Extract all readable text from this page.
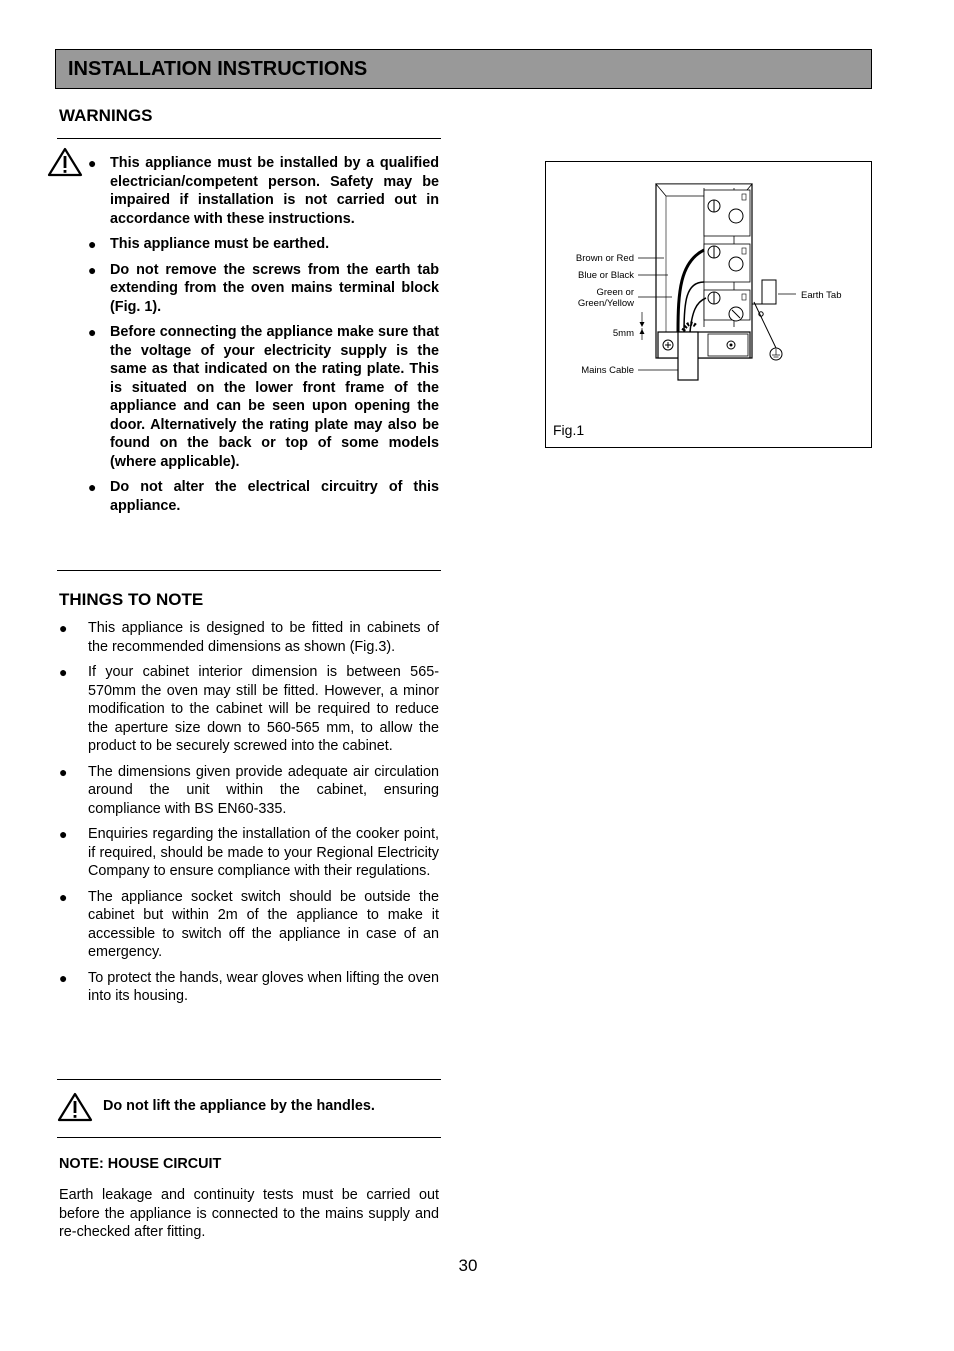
INSTALLATION INSTRUCTIONS
WARNINGS
● This appliance must be installed by a qualified electrician/competent person. Safety may be impaired if installation is not carried out in accordance with these instructions.
● This appliance must be earthed.
● Do not remove the screws from the earth tab extending from the oven mains terminal block (Fig. 1).
● Before connecting the appliance make sure that the voltage of your electricity supply is the same as that indicated on the rating plate. This is situated on the lower front frame of the appliance and can be seen upon opening the door. Alternatively the rating plate may also be found on the back or top of some models (where applicable).
● Do not alter the electrical circuitry of this appliance.
THINGS TO NOTE
● This appliance is designed to be fitted in cabinets of the recommended dimensions as shown (Fig.3).
● If your cabinet interior dimension is between 565-570mm the oven may still be fitted. However, a minor modification to the cabinet will be required to reduce the aperture size down to 560-565 mm, to allow the product to be securely screwed into the cabinet.
● The dimensions given provide adequate air circulation around the unit within the cabinet, ensuring compliance with BS EN60-335.
● Enquiries regarding the installation of the cooker point, if required, should be made to your Regional Electricity Company to ensure compliance with their regulations.
● The appliance socket switch should be outside the cabinet but within 2m of the appliance to make it accessible to switch off the appliance in case of an emergency.
● To protect the hands, wear gloves when lifting the oven into its housing.
Do not lift the appliance by the handles.
NOTE: HOUSE CIRCUIT
Earth leakage and continuity tests must be carried out before the appliance is connected to the mains supply and re-checked after fitting.
30
Brown or Red
Blue or Black
Green or
Green/Yellow
5mm
Mains Cable
Earth Tab
Fig.1
